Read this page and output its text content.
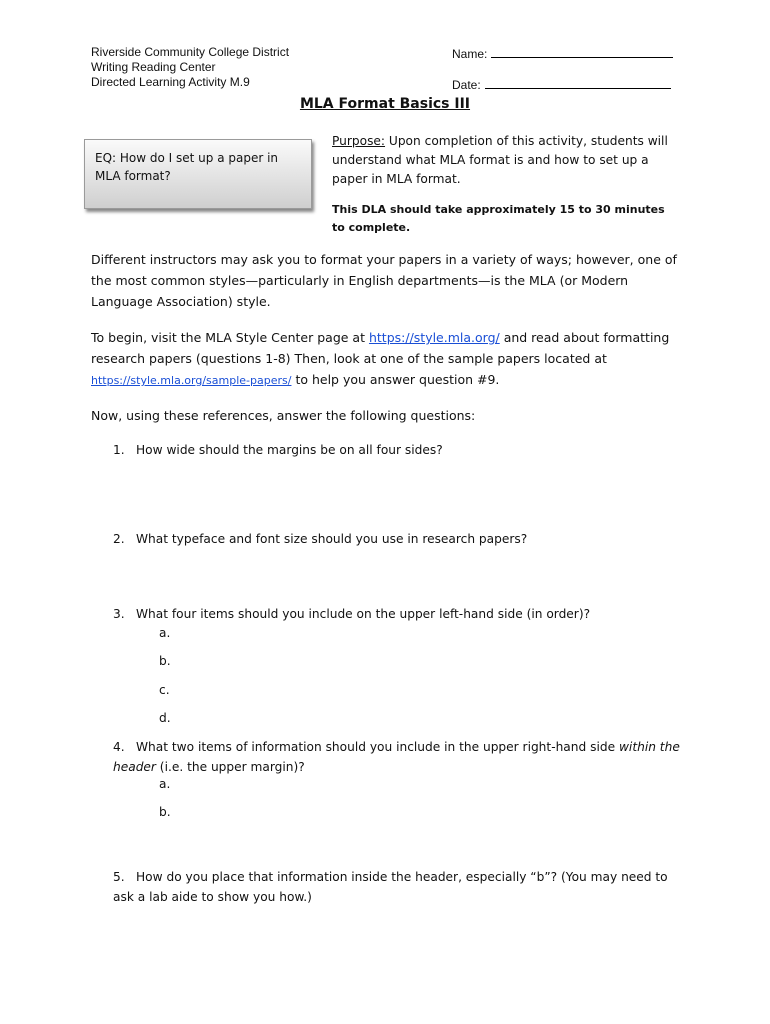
Riverside Community College District
Writing Reading Center
Directed Learning Activity M.9
Name:
Date:
MLA Format Basics III
EQ: How do I set up a paper in MLA format?
Purpose: Upon completion of this activity, students will understand what MLA format is and how to set up a paper in MLA format.
This DLA should take approximately 15 to 30 minutes to complete.
Different instructors may ask you to format your papers in a variety of ways; however, one of the most common styles—particularly in English departments—is the MLA (or Modern Language Association) style.
To begin, visit the MLA Style Center page at https://style.mla.org/ and read about formatting research papers (questions 1-8) Then, look at one of the sample papers located at https://style.mla.org/sample-papers/ to help you answer question #9.
Now, using these references, answer the following questions:
1. How wide should the margins be on all four sides?
2. What typeface and font size should you use in research papers?
3. What four items should you include on the upper left-hand side (in order)?
a.
b.
c.
d.
4. What two items of information should you include in the upper right-hand side within the header (i.e. the upper margin)?
a.
b.
5. How do you place that information inside the header, especially “b”? (You may need to ask a lab aide to show you how.)
